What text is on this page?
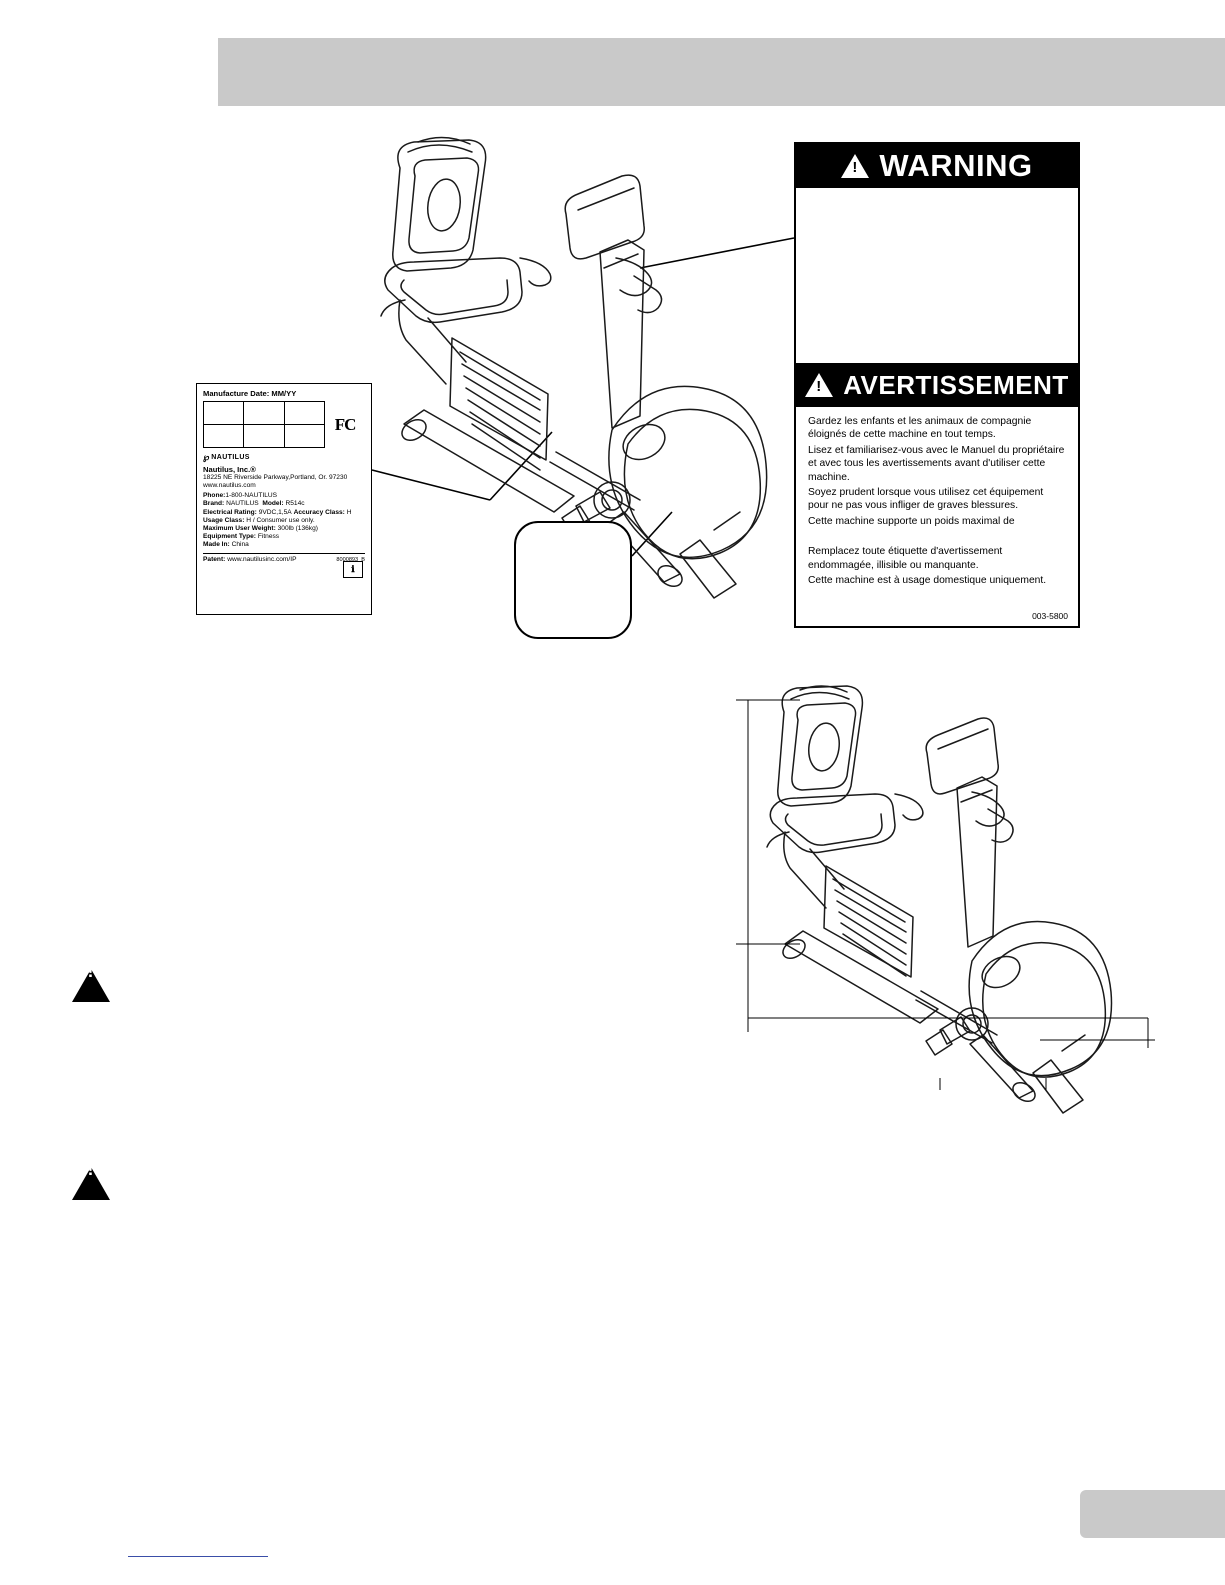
Manufacture Date: MM/YY
			FC

℘ NAUTILUS
Nautilus, Inc.®
18225 NE Riverside Parkway,Portland, Or. 97230
www.nautilus.com
Phone:1-800-NAUTILUS
Brand: NAUTILUS Model: R514c
Electrical Rating: 9VDC,1,5A Accuracy Class: H
Usage Class: H / Consumer use only.
Maximum User Weight: 300lb (136kg)
Equipment Type: Fitness
Made In: China
ℹ
Patent: www.nautilusinc.com/IP	8000893_B
!
WARNING
!
AVERTISSEMENT

Gardez les enfants et les animaux de compagnie éloignés de cette machine en tout temps.

Lisez et familiarisez-vous avec le Manuel du propriétaire et avec tous les avertissements avant d'utiliser cette machine.

Soyez prudent lorsque vous utilisez cet équipement pour ne pas vous infliger de graves blessures.

Cette machine supporte un poids maximal de

Remplacez toute étiquette d'avertissement endommagée, illisible ou manquante.

Cette machine est à usage domestique uniquement.

003-5800
!
!
